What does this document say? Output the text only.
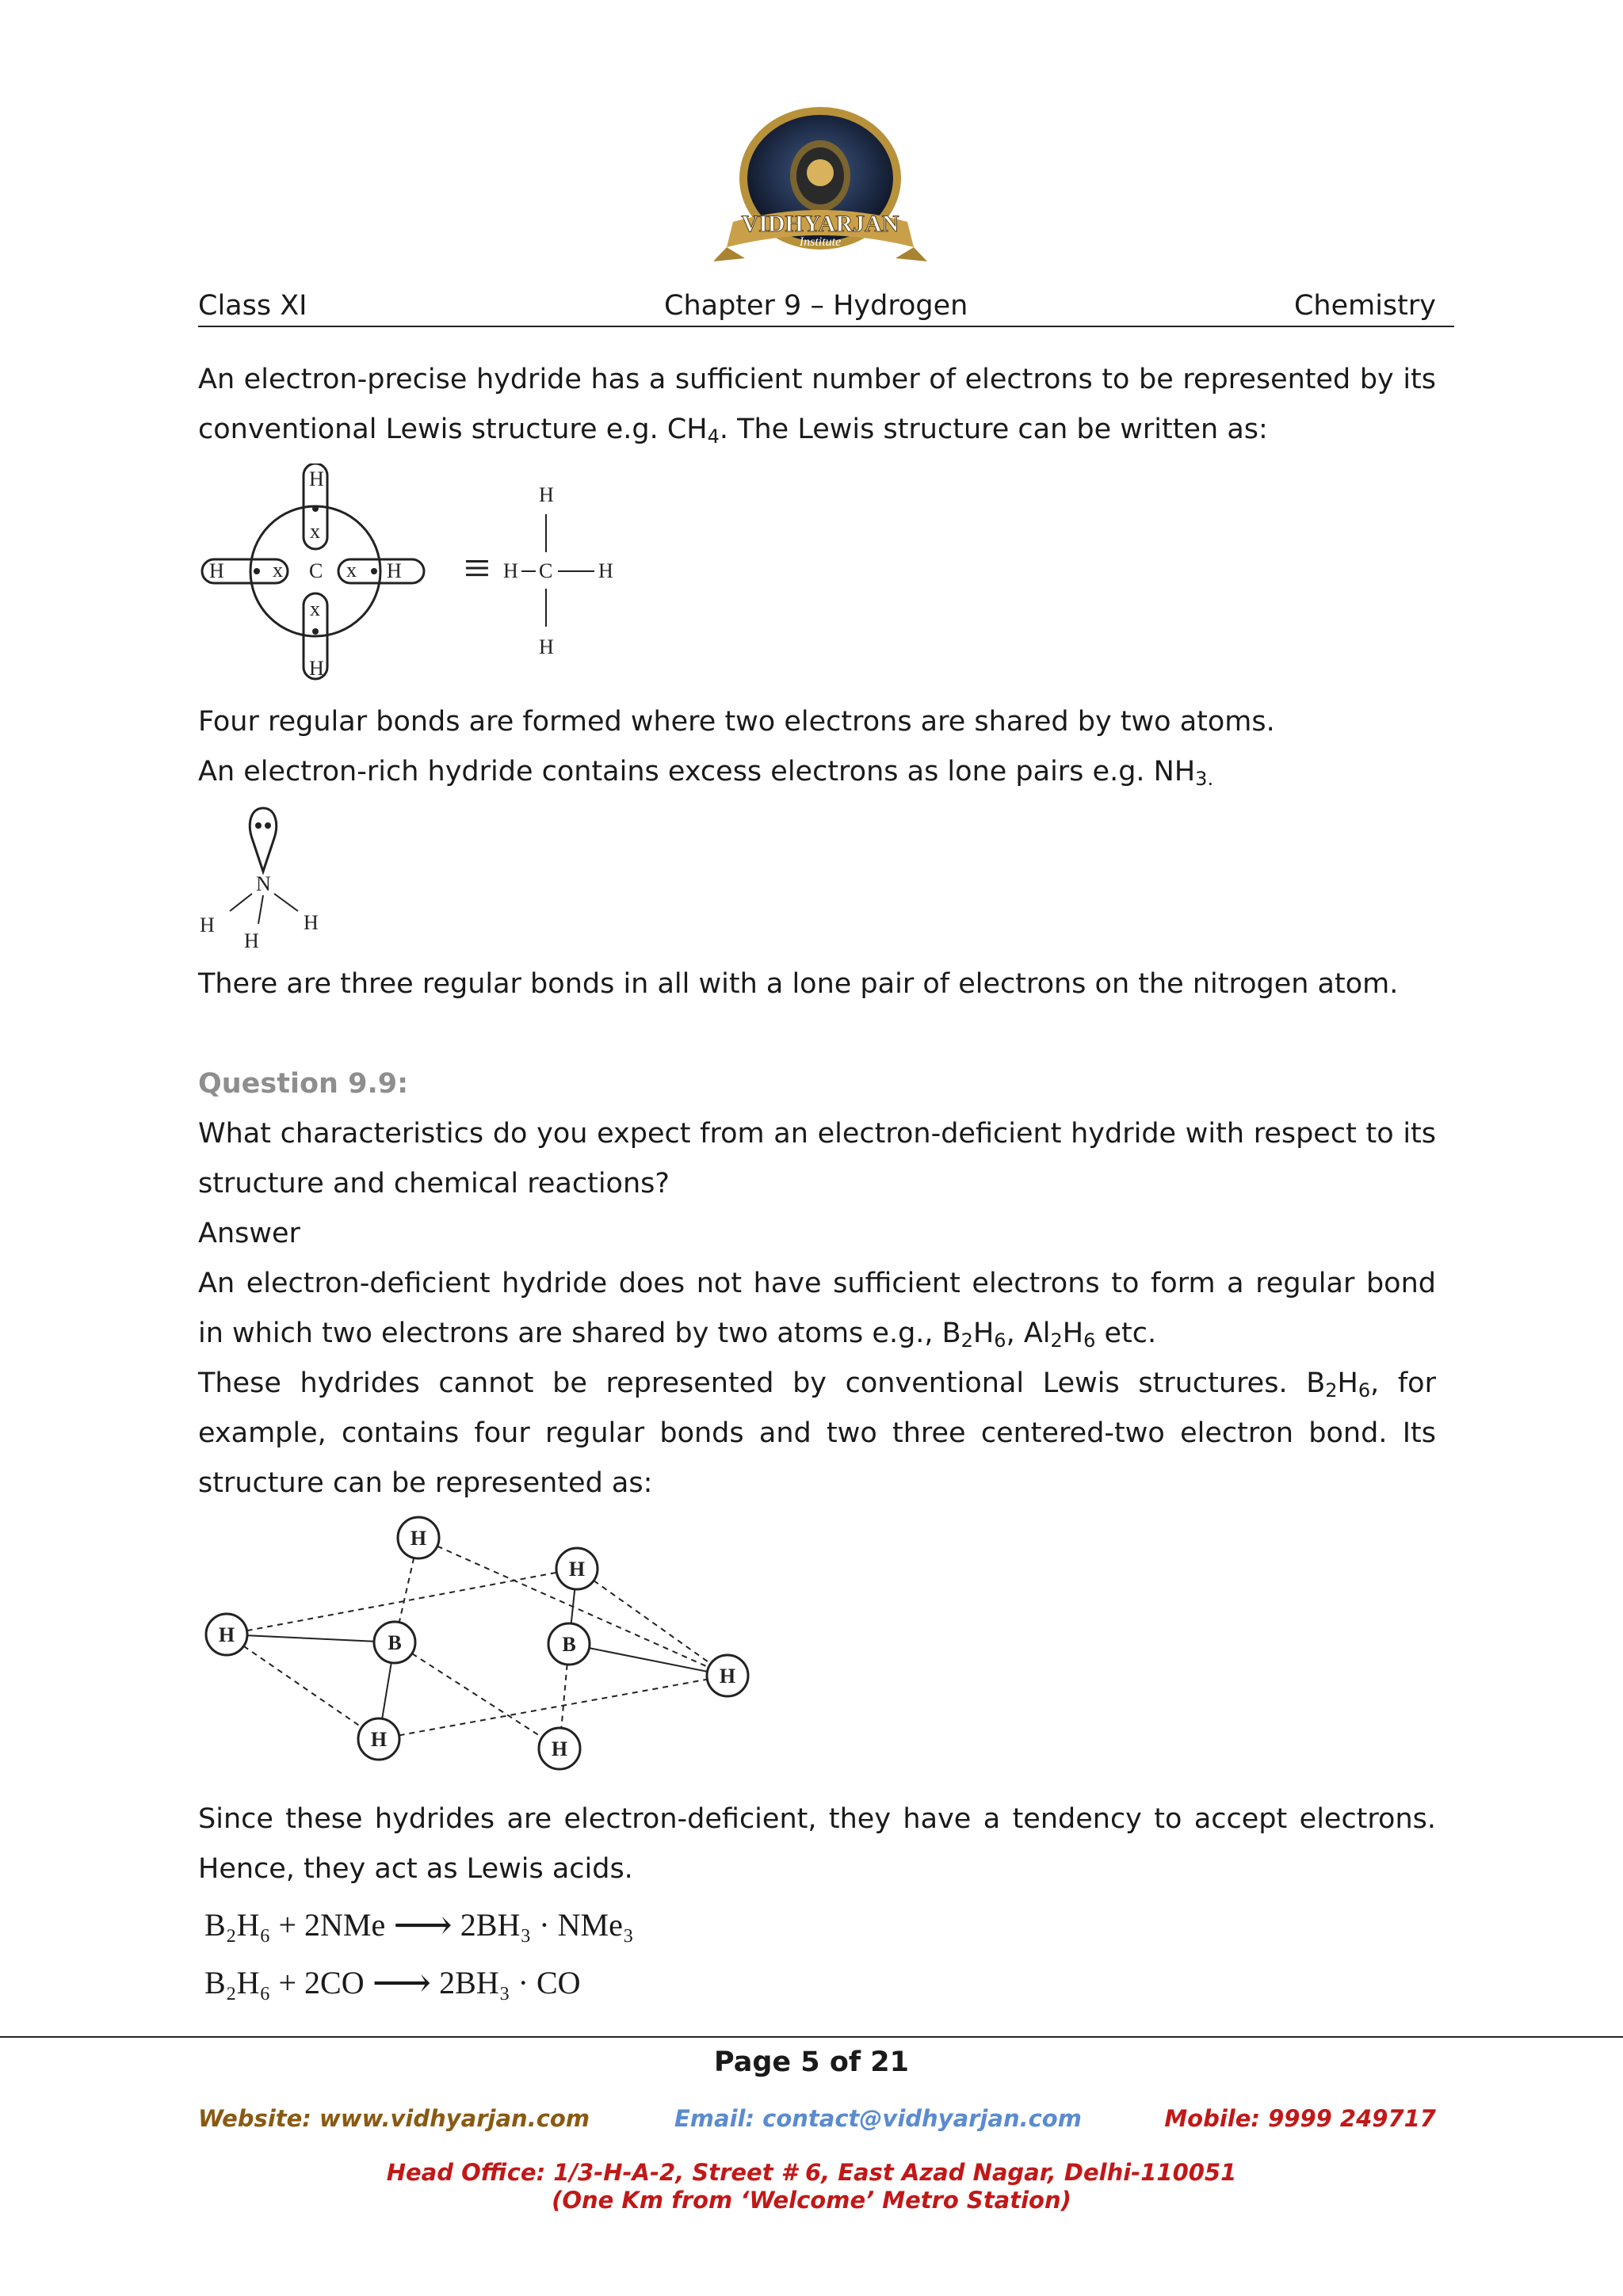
VIDHYARJAN
Institute
Class XI	Chapter 9 – Hydrogen	Chemistry

An electron-precise hydride has a sufficient number of electrons to be represented by its conventional Lewis structure e.g. $CH_4$. The Lewis structure can be written as:

H
x
C
x
H
H x	x H ≡
H
C
H	H
H

Four regular bonds are formed where two electrons are shared by two atoms.

An electron-rich hydride contains excess electrons as lone pairs e.g. $NH_{3.}$

N
H
H
H

There are three regular bonds in all with a lone pair of electrons on the nitrogen atom.

Question 9.9:

What characteristics do you expect from an electron-deficient hydride with respect to its structure and chemical reactions?

Answer

An electron-deficient hydride does not have sufficient electrons to form a regular bond in which two electrons are shared by two atoms e.g., $B_2H_6$, $Al_2H_6$ etc.

These hydrides cannot be represented by conventional Lewis structures. $B_2H_6$, for example, contains four regular bonds and two three centered-two electron bond. Its structure can be represented as:

H
H
H	B	B
H
H	H

Since these hydrides are electron-deficient, they have a tendency to accept electrons. Hence, they act as Lewis acids.

B₂H₆ + 2NMe ⟶ 2BH₃ · NMe₃
B₂H₆ + 2CO ⟶ 2BH₃ · CO
Page 5 of 21
Website: www.vidhyarjan.com	Email: contact@vidhyarjan.com	Mobile: 9999 249717
Head Office: 1/3-H-A-2, Street # 6, East Azad Nagar, Delhi-110051
(One Km from ‘Welcome’ Metro Station)
